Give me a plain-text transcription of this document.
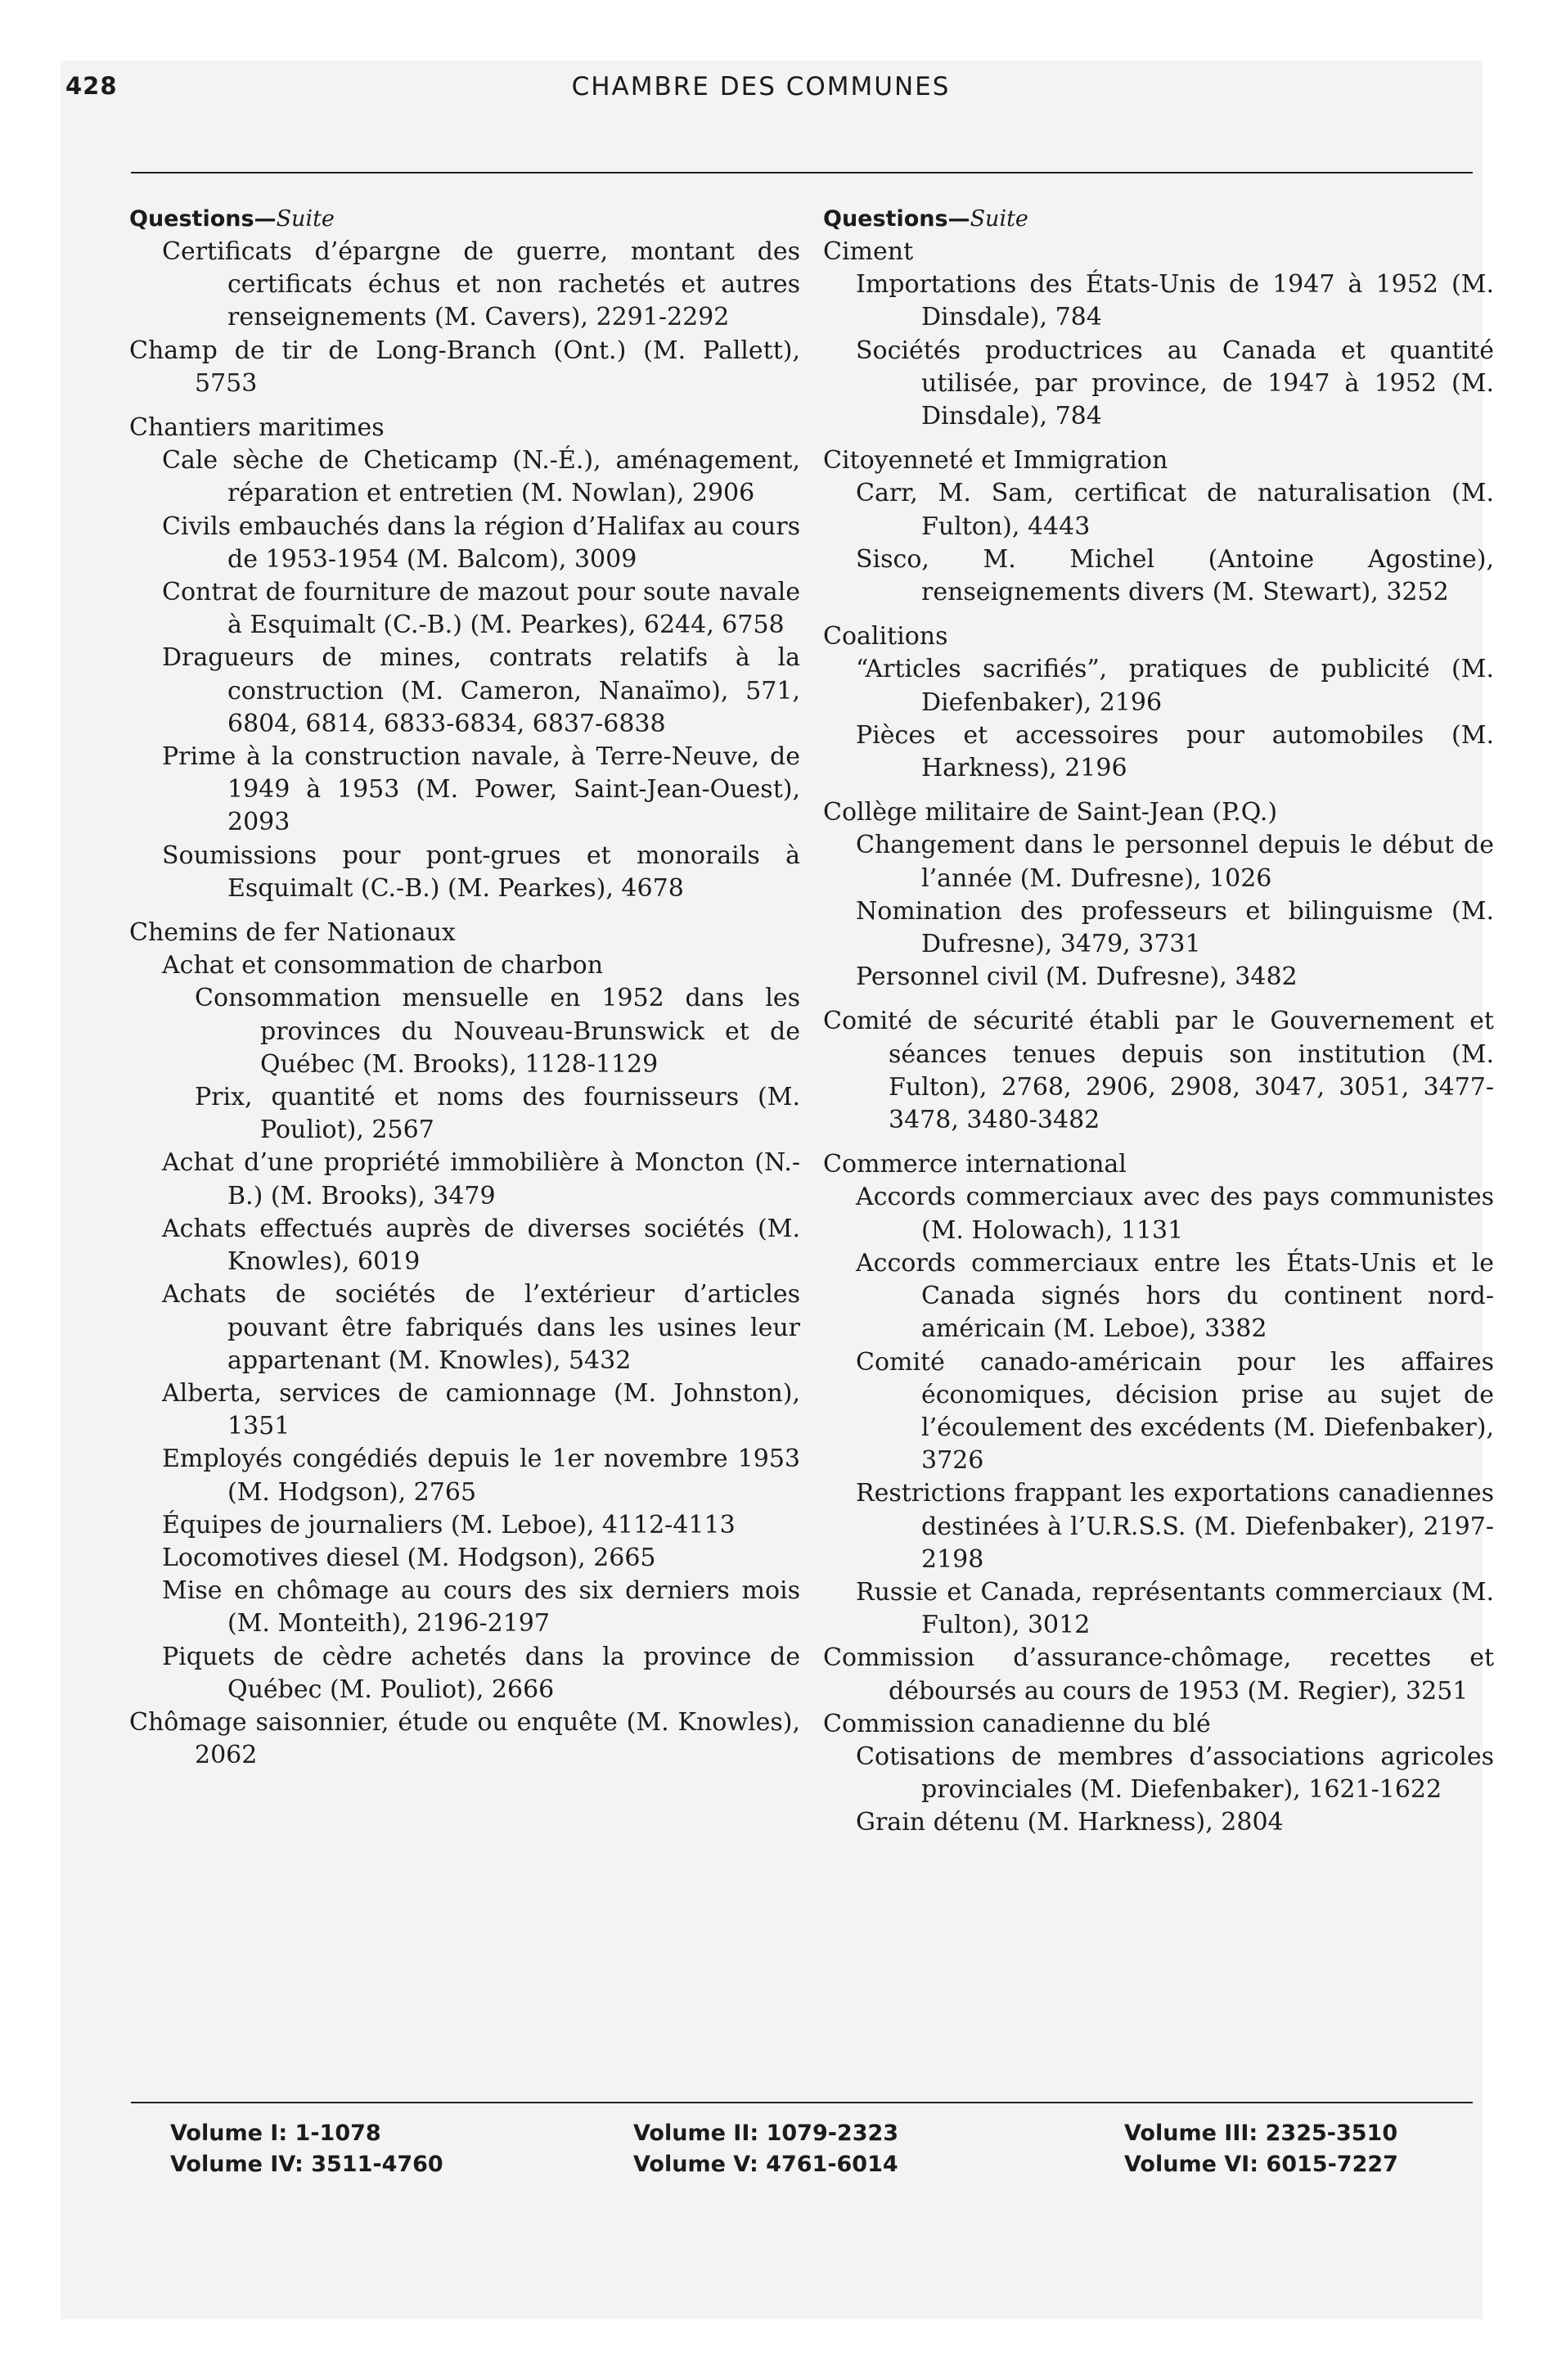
428	CHAMBRE DES COMMUNES
Questions—Suite

Certificats d’épargne de guerre, montant des certificats échus et non rachetés et autres renseignements (M. Cavers), 2291-2292

Champ de tir de Long-Branch (Ont.) (M. Pallett), 5753

Chantiers maritimes

Cale sèche de Cheticamp (N.-É.), aménagement, réparation et entretien (M. Nowlan), 2906

Civils embauchés dans la région d’Halifax au cours de 1953-1954 (M. Balcom), 3009

Contrat de fourniture de mazout pour soute navale à Esquimalt (C.-B.) (M. Pearkes), 6244, 6758

Dragueurs de mines, contrats relatifs à la construction (M. Cameron, Nanaïmo), 571, 6804, 6814, 6833-6834, 6837-6838

Prime à la construction navale, à Terre-Neuve, de 1949 à 1953 (M. Power, Saint-Jean-Ouest), 2093

Soumissions pour pont-grues et monorails à Esquimalt (C.-B.) (M. Pearkes), 4678

Chemins de fer Nationaux

Achat et consommation de charbon

Consommation mensuelle en 1952 dans les provinces du Nouveau-Brunswick et de Québec (M. Brooks), 1128-1129

Prix, quantité et noms des fournisseurs (M. Pouliot), 2567

Achat d’une propriété immobilière à Moncton (N.-B.) (M. Brooks), 3479

Achats effectués auprès de diverses sociétés (M. Knowles), 6019

Achats de sociétés de l’extérieur d’articles pouvant être fabriqués dans les usines leur appartenant (M. Knowles), 5432

Alberta, services de camionnage (M. Johnston), 1351

Employés congédiés depuis le 1er novembre 1953 (M. Hodgson), 2765

Équipes de journaliers (M. Leboe), 4112-4113

Locomotives diesel (M. Hodgson), 2665

Mise en chômage au cours des six derniers mois (M. Monteith), 2196-2197

Piquets de cèdre achetés dans la province de Québec (M. Pouliot), 2666

Chômage saisonnier, étude ou enquête (M. Knowles), 2062

Questions—Suite

Ciment

Importations des États-Unis de 1947 à 1952 (M. Dinsdale), 784

Sociétés productrices au Canada et quantité utilisée, par province, de 1947 à 1952 (M. Dinsdale), 784

Citoyenneté et Immigration

Carr, M. Sam, certificat de naturalisation (M. Fulton), 4443

Sisco, M. Michel (Antoine Agostine), renseignements divers (M. Stewart), 3252

Coalitions

“Articles sacrifiés”, pratiques de publicité (M. Diefenbaker), 2196

Pièces et accessoires pour automobiles (M. Harkness), 2196

Collège militaire de Saint-Jean (P.Q.)

Changement dans le personnel depuis le début de l’année (M. Dufresne), 1026

Nomination des professeurs et bilinguisme (M. Dufresne), 3479, 3731

Personnel civil (M. Dufresne), 3482

Comité de sécurité établi par le Gouvernement et séances tenues depuis son institution (M. Fulton), 2768, 2906, 2908, 3047, 3051, 3477-3478, 3480-3482

Commerce international

Accords commerciaux avec des pays communistes (M. Holowach), 1131

Accords commerciaux entre les États-Unis et le Canada signés hors du continent nord-américain (M. Leboe), 3382

Comité canado-américain pour les affaires économiques, décision prise au sujet de l’écoulement des excédents (M. Diefenbaker), 3726

Restrictions frappant les exportations canadiennes destinées à l’U.R.S.S. (M. Diefenbaker), 2197-2198

Russie et Canada, représentants commerciaux (M. Fulton), 3012

Commission d’assurance-chômage, recettes et déboursés au cours de 1953 (M. Regier), 3251

Commission canadienne du blé

Cotisations de membres d’associations agricoles provinciales (M. Diefenbaker), 1621-1622

Grain détenu (M. Harkness), 2804

Volume I: 1-1078	Volume II: 1079-2323	Volume III: 2325-3510
Volume IV: 3511-4760	Volume V: 4761-6014	Volume VI: 6015-7227
